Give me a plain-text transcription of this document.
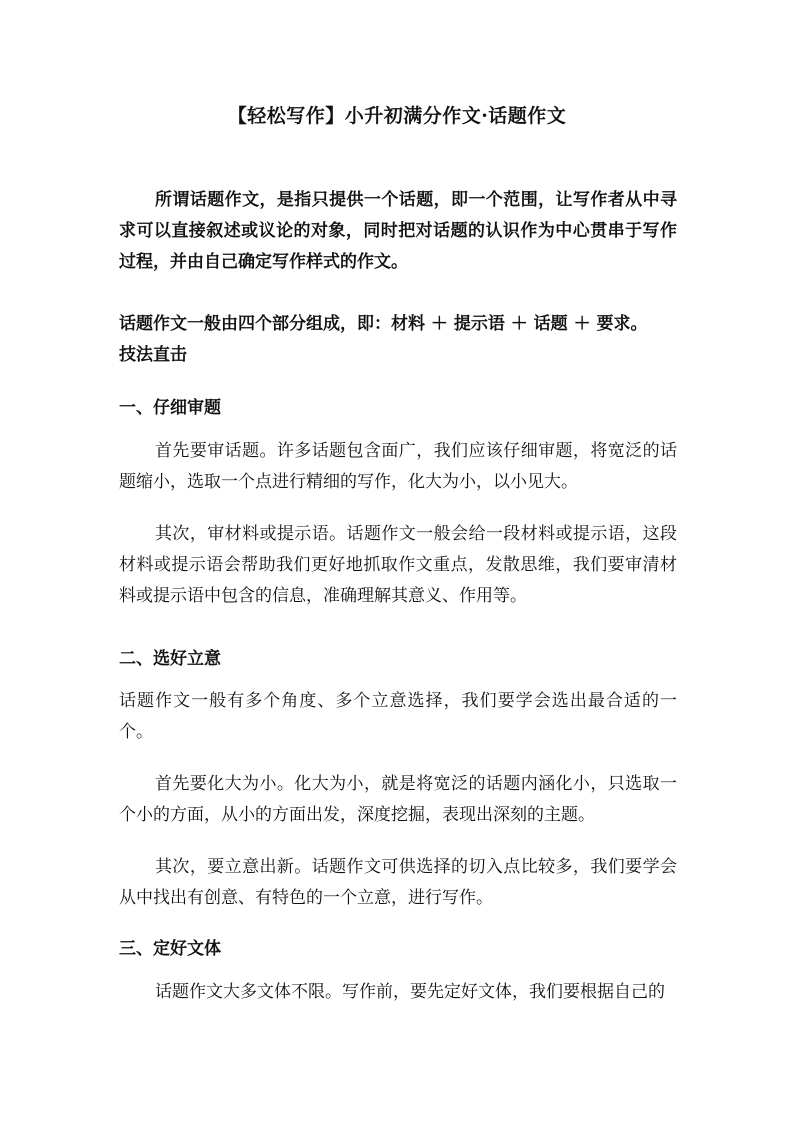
【轻松写作】小升初满分作文·话题作文
所谓话题作文，是指只提供一个话题，即一个范围，让写作者从中寻求可以直接叙述或议论的对象，同时把对话题的认识作为中心贯串于写作过程，并由自己确定写作样式的作文。
话题作文一般由四个部分组成，即：材料 ＋ 提示语 ＋ 话题 ＋ 要求。
技法直击
一、仔细审题
首先要审话题。许多话题包含面广，我们应该仔细审题，将宽泛的话题缩小，选取一个点进行精细的写作，化大为小，以小见大。
其次，审材料或提示语。话题作文一般会给一段材料或提示语，这段材料或提示语会帮助我们更好地抓取作文重点，发散思维，我们要审清材料或提示语中包含的信息，准确理解其意义、作用等。
二、选好立意
话题作文一般有多个角度、多个立意选择，我们要学会选出最合适的一个。
首先要化大为小。化大为小，就是将宽泛的话题内涵化小，只选取一个小的方面，从小的方面出发，深度挖掘，表现出深刻的主题。
其次，要立意出新。话题作文可供选择的切入点比较多，我们要学会从中找出有创意、有特色的一个立意，进行写作。
三、定好文体
话题作文大多文体不限。写作前，要先定好文体，我们要根据自己的
